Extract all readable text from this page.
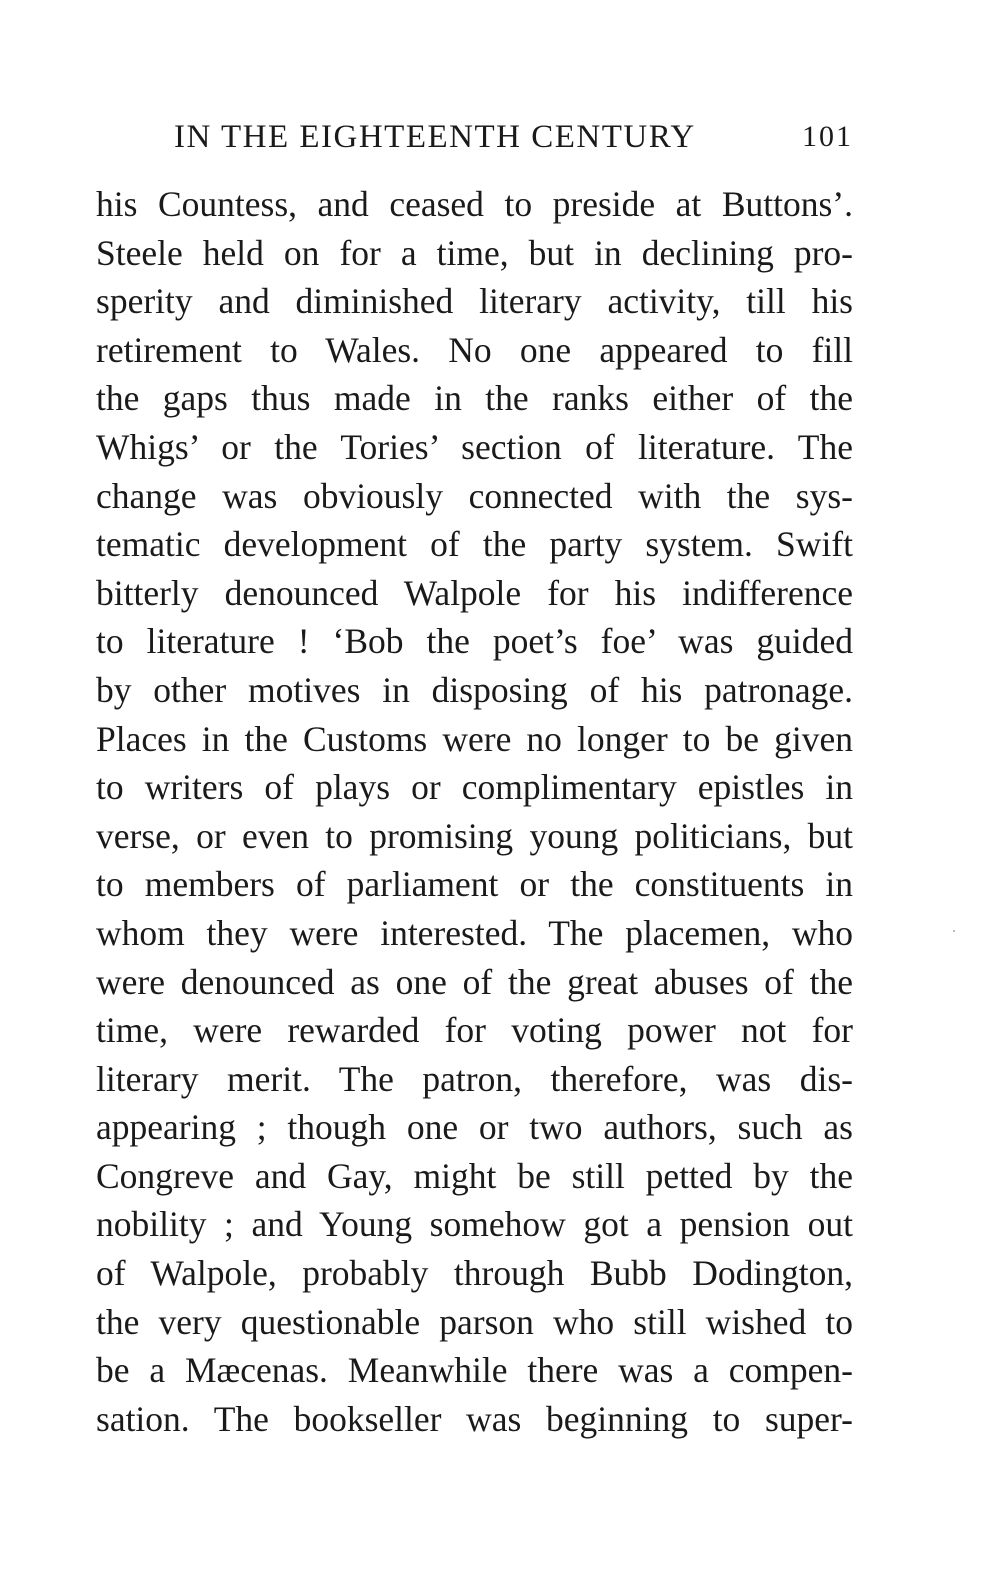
IN THE EIGHTEENTH CENTURY	101
his Countess, and ceased to preside at Buttons’.
Steele held on for a time, but in declining pro-
sperity and diminished literary activity, till his
retirement to Wales. No one appeared to fill
the gaps thus made in the ranks either of the
Whigs’ or the Tories’ section of literature. The
change was obviously connected with the sys-
tematic development of the party system. Swift
bitterly denounced Walpole for his indifference
to literature ! ‘Bob the poet’s foe’ was guided
by other motives in disposing of his patronage.
Places in the Customs were no longer to be given
to writers of plays or complimentary epistles in
verse, or even to promising young politicians, but
to members of parliament or the constituents in
whom they were interested. The placemen, who
were denounced as one of the great abuses of the
time, were rewarded for voting power not for
literary merit. The patron, therefore, was dis-
appearing ; though one or two authors, such as
Congreve and Gay, might be still petted by the
nobility ; and Young somehow got a pension out
of Walpole, probably through Bubb Dodington,
the very questionable parson who still wished to
be a Mæcenas. Meanwhile there was a compen-
sation. The bookseller was beginning to super-
